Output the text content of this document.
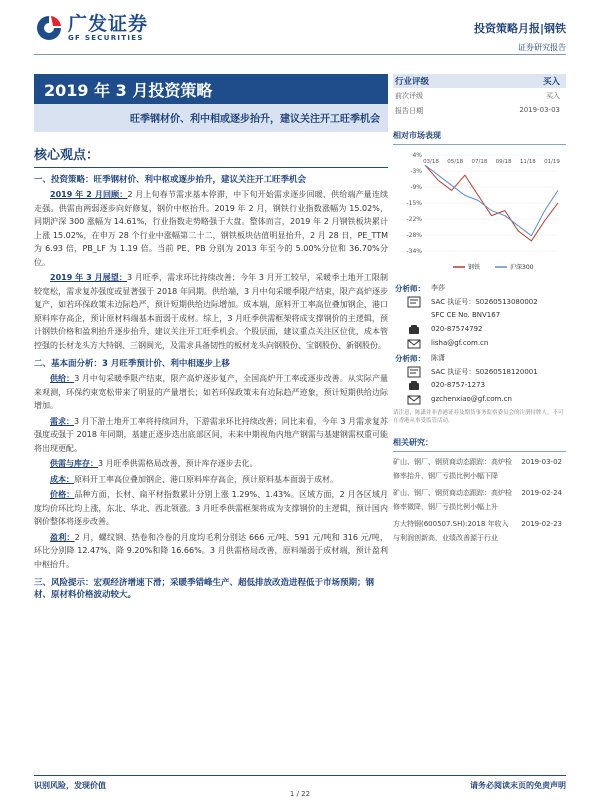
广发证券
GF SECURITIES
投资策略月报|钢铁
证券研究报告
2019 年 3 月投资策略
旺季钢材价、利中相或逐步抬升，建议关注开工旺季机会
核心观点：
一、投资策略：旺季钢材价、利中枢或逐步抬升，建议关注开工旺季机会

2019 年 2 月回顾：2 月上旬春节需求基本停滞，中下旬开始需求逐步回暖、供给端产量连续走强。供需由两弱逐步向好修复，钢价中枢抬升。2019 年 2 月，钢铁行业指数涨幅为 15.02%，同期沪深 300 涨幅为 14.61%，行业指数走势略强于大盘。整体而言，2019 年 2 月钢铁板块累计上涨 15.02%，在申万 28 个行业中涨幅第二十二，钢铁板块估值明显抬升，2 月 28 日，PE_TTM 为 6.93 倍，PB_LF 为 1.19 倍。当前 PE、PB 分别为 2013 年至今的 5.00%分位和 36.70%分位。

2019 年 3 月展望：3 月旺季，需求环比持续改善；今年 3 月开工较早，采暖季土地开工限制较宽松，需求复苏强度或显著强于 2018 年同期。供给端，3 月中旬采暖季限产结束，限产高炉逐步复产，如若环保政策未边际趋严，预计短期供给边际增加。成本端，原料开工率高位叠加钢企、港口原料库存高企，预计原材料端基本面弱于成材。综上，3 月旺季供需框架将成支撑钢价的主逻辑，预计钢铁价格和盈利抬升逐步抬升，建议关注开工旺季机会。个股层面，建议重点关注区位优，成本管控强的长材龙头方大特钢、三钢闽光，及需求具备韧性的板材龙头向钢股份、宝钢股份、新钢股份。

二、基本面分析：3 月旺季预计价、利中相逐步上移

供给：3 月中旬采暖季限产结束，限产高炉逐步复产，全国高炉开工率或逐步改善。从实际产量来观测，环保约束宽松带来了明显的产量增长；如若环保政策未有边际趋严迹象，预计短期供给边际增加。

需求：3 月下游土地开工率将持续回升，下游需求环比持续改善；同比来看，今年 3 月需求复苏强度或强于 2018 年同期，基建正逐步迭出底部区间，未来中期视角内地产钢需与基建钢需权重可能将出现更配。

供需与库存：3 月旺季供需格局改善，预计库存逐步去化。

成本：原料开工率高位叠加钢企、港口原料库存高企，预计原料基本面弱于成材。

价格：品种方面，长材、扁平材指数累计分别上涨 1.29%、1.43%。区域方面，2 月各区域月度均价环比均上涨，东北、华北、西北领涨。3 月旺季供需框架将成为支撑钢价的主逻辑，预计国内钢价整体将逐步改善。

盈利：2 月，螺纹钢、热卷和冷卷的月度均毛利分别达 666 元/吨、591 元/吨和 316 元/吨，环比分别降 12.47%、降 9.20%和降 16.66%。3 月供需格局改善，原料端弱于成材端，预计盈利中枢抬升。

三、风险提示：宏观经济增速下滑；采暖季错峰生产、超低排放改造进程低于市场预期；钢材、原材料价格波动较大。
行业评级	买入
前次评级	买入
报告日期	2019-03-03
相对市场表现
4%
-3%
-9%
-15%
-22%
-28%
-34%
03/18 05/18 07/18 09/18 11/18 01/19
钢铁	沪深300
分析师： 李莎
SAC 执证号：S0260513080002
SFC CE No. BNV167
020-87574792
lisha@gf.com.cn
分析师： 陈潇
SAC 执证号：S0260518120001
020-8757-1273
gzchenxiao@gf.com.cn
请注意，陈潇并非香港证券及期货事务监察委员会的注册持牌人，不可在香港从事受监管活动。
相关研究：
矿山、钢厂、钢贸商动态跟踪：高炉检修率抬升，钢厂亏损比例小幅下降
2019-03-02
矿山、钢厂、钢贸商动态跟踪：高炉检修率微降，钢厂亏损比例小幅上升
2019-02-24
方大特钢(600507.SH):2018 年收入与利润创新高，业绩改善源于行业
2019-02-23
识别风险，发现价值	请务必阅读末页的免责声明
1 / 22
